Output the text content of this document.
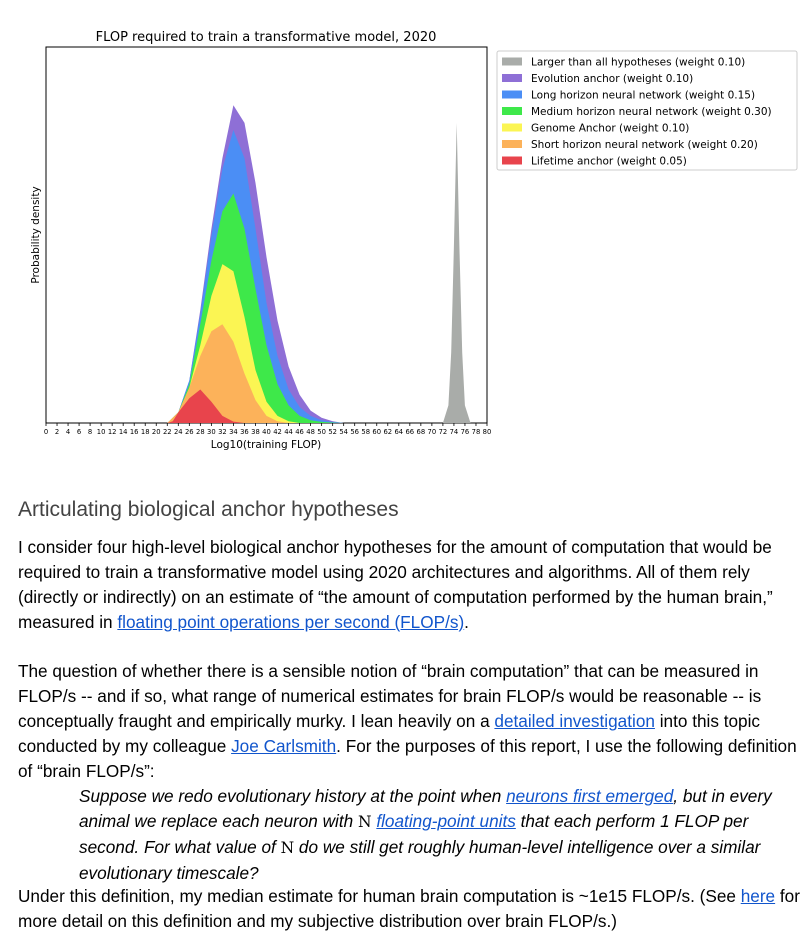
FLOP required to train a transformative model, 2020
0 2 4 6 8 10 12 14 16 18 20 22 24 26 28 30 32 34 36 38 40 42 44 46 48 50 52 54 56 58 60 62 64 66 68 70 72 74 76 78 80
Log10(training FLOP)
Probability density
Larger than all hypotheses (weight 0.10)
Evolution anchor (weight 0.10)
Long horizon neural network (weight 0.15)
Medium horizon neural network (weight 0.30)
Genome Anchor (weight 0.10)
Short horizon neural network (weight 0.20)
Lifetime anchor (weight 0.05)
Articulating biological anchor hypotheses

I consider four high-level biological anchor hypotheses for the amount of computation that would be required to train a transformative model using 2020 architectures and algorithms. All of them rely (directly or indirectly) on an estimate of “the amount of computation performed by the human brain,” measured in floating point operations per second (FLOP/s).

The question of whether there is a sensible notion of “brain computation” that can be measured in FLOP/s -- and if so, what range of numerical estimates for brain FLOP/s would be reasonable -- is conceptually fraught and empirically murky. I lean heavily on a detailed investigation into this topic conducted by my colleague Joe Carlsmith. For the purposes of this report, I use the following definition of “brain FLOP/s”:

Suppose we redo evolutionary history at the point when neurons first emerged, but in every animal we replace each neuron with N floating-point units that each perform 1 FLOP per second. For what value of N do we still get roughly human-level intelligence over a similar evolutionary timescale?

Under this definition, my median estimate for human brain computation is ~1e15 FLOP/s. (See here for more detail on this definition and my subjective distribution over brain FLOP/s.)
